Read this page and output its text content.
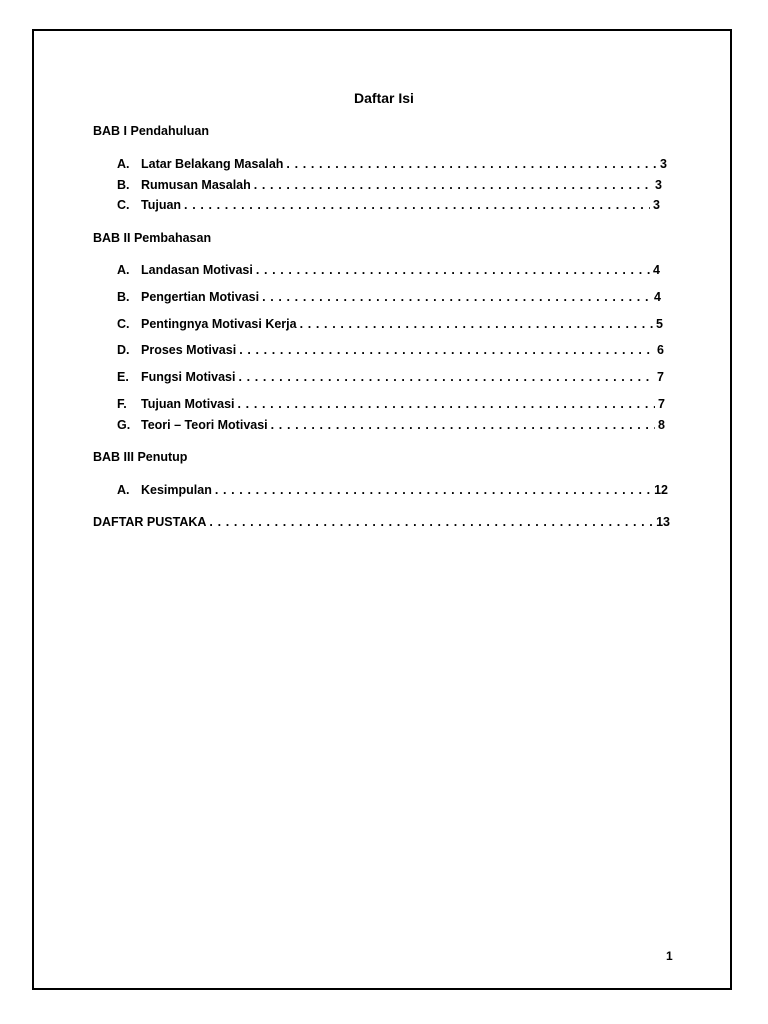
Daftar Isi
BAB I Pendahuluan
A. Latar Belakang Masalah . . .	3
B. Rumusan Masalah . . .	3
C. Tujuan . . .	3
BAB II Pembahasan
A. Landasan Motivasi . . .	4
B. Pengertian Motivasi . . .	4
C. Pentingnya Motivasi Kerja . . .	5
D. Proses Motivasi . . .	6
E. Fungsi Motivasi . . .	7
F.	Tujuan Motivasi . . .	7
G. Teori – Teori Motivasi . . .	8
BAB III Penutup
A. Kesimpulan . . .	12
DAFTAR PUSTAKA . . .	13
1
